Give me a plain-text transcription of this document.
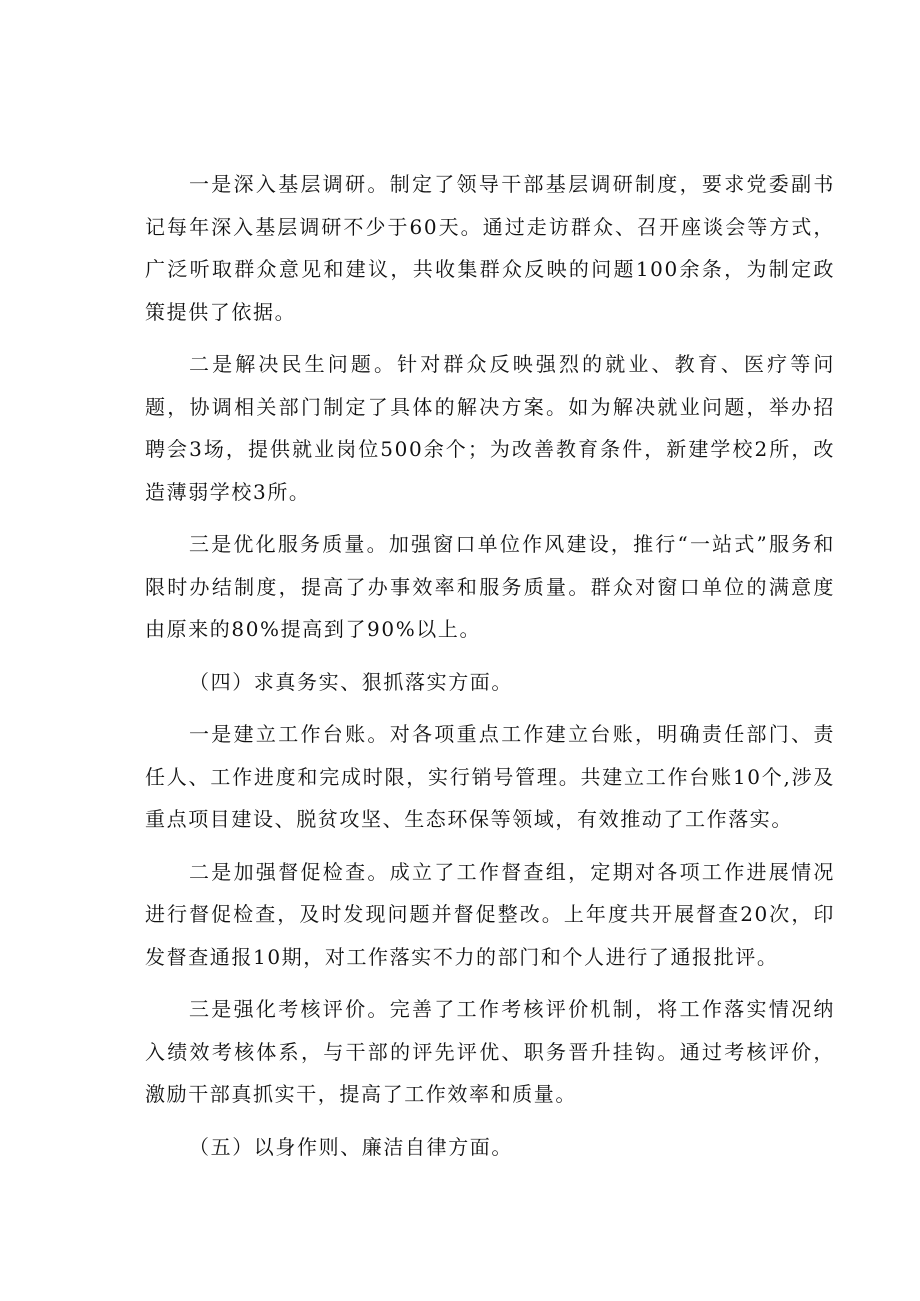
一是深入基层调研。制定了领导干部基层调研制度，要求党委副书记每年深入基层调研不少于60天。通过走访群众、召开座谈会等方式，广泛听取群众意见和建议，共收集群众反映的问题100余条，为制定政策提供了依据。

二是解决民生问题。针对群众反映强烈的就业、教育、医疗等问题，协调相关部门制定了具体的解决方案。如为解决就业问题，举办招聘会3场，提供就业岗位500余个；为改善教育条件，新建学校2所，改造薄弱学校3所。

三是优化服务质量。加强窗口单位作风建设，推行“一站式”服务和限时办结制度，提高了办事效率和服务质量。群众对窗口单位的满意度由原来的80%提高到了90%以上。

（四）求真务实、狠抓落实方面。

一是建立工作台账。对各项重点工作建立台账，明确责任部门、责任人、工作进度和完成时限，实行销号管理。共建立工作台账10个,涉及重点项目建设、脱贫攻坚、生态环保等领域，有效推动了工作落实。

二是加强督促检查。成立了工作督查组，定期对各项工作进展情况进行督促检查，及时发现问题并督促整改。上年度共开展督查20次，印发督查通报10期，对工作落实不力的部门和个人进行了通报批评。

三是强化考核评价。完善了工作考核评价机制，将工作落实情况纳入绩效考核体系，与干部的评先评优、职务晋升挂钩。通过考核评价，激励干部真抓实干，提高了工作效率和质量。

（五）以身作则、廉洁自律方面。
